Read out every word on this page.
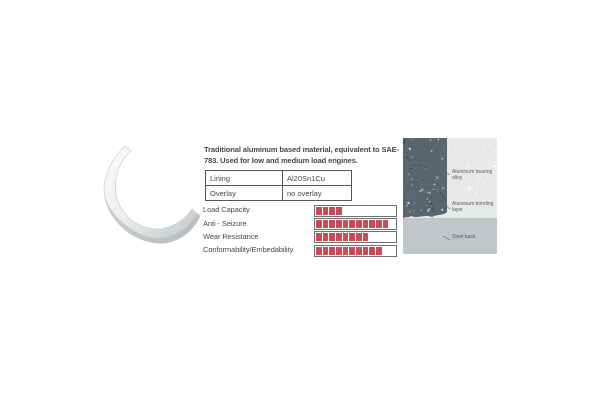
Traditional aluminum based material, equivalent to SAE-783. Used for low and medium load engines.
Lining	Al20Sn1Cu
Overlay	no overlay
Load Capacity
Anti - Seizure
Wear Resistance
Conformability/Embedability
Aluminum bearing alloy
Aluminum bonding layer
Steel back
